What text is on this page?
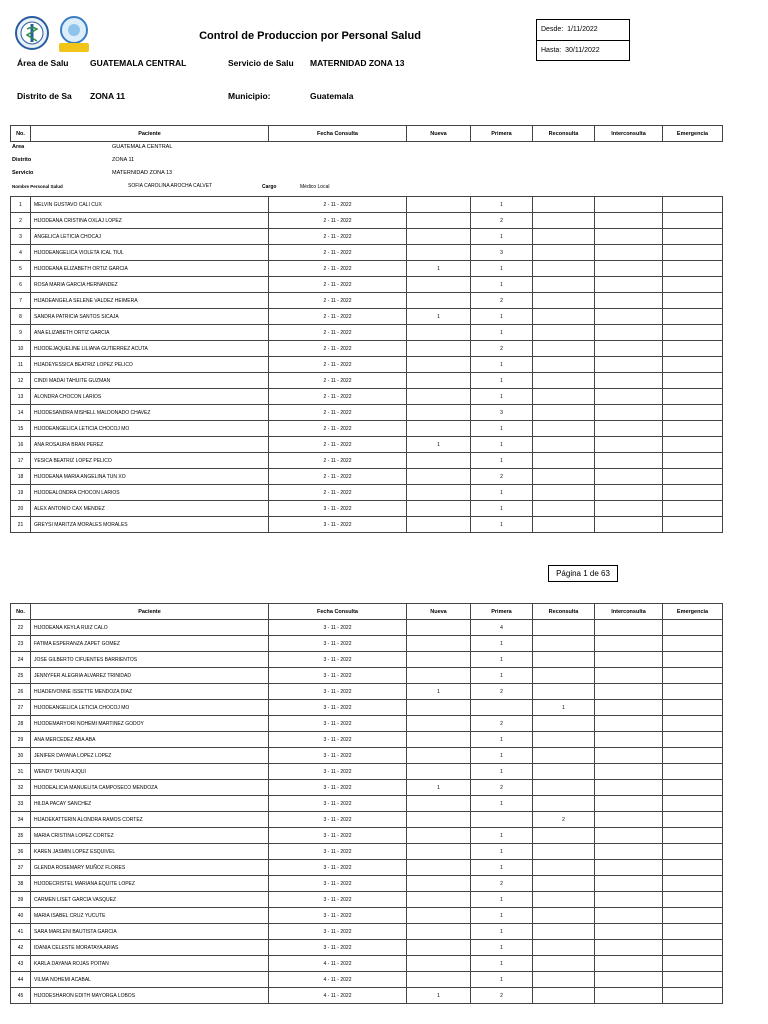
Control de Produccion por Personal Salud
Desde: 1/11/2022
Hasta: 30/11/2022
Área de Salu	GUATEMALA CENTRAL	Servicio de Salu MATERNIDAD ZONA 13
Distrito de Sa ZONA 11	Municipio:	Guatemala
No.	Paciente	Fecha Consulta	Nueva	Primera	Reconsulta	Interconsulta	Emergencia
Area	GUATEMALA CENTRAL
Distrito	ZONA 11
Servicio	MATERNIDAD ZONA 13
Nombre Personal Salud	SOFIA CAROLINA AROCHA CALVET	Cargo	Médico Local
1	MELVIN GUSTAVO CALI CUX	2 - 11 - 2022		1			
2	HIJODEANA CRISTINA OXLAJ LOPEZ	2 - 11 - 2022		2			
3	ANGELICA LETICIA CHOCAJ	2 - 11 - 2022		1			
4	HIJODEANGELICA VIOLETA ICAL TIUL	2 - 11 - 2022		3			
5	HIJODEANA ELIZABETH ORTIZ GARCIA	2 - 11 - 2022	1	1			
6	ROSA MARIA GARCIA HERNANDEZ	2 - 11 - 2022		1			
7	HIJADEANGELA SELENE VALDEZ HEIMERA	2 - 11 - 2022		2			
8	SANDRA PATRICIA SANTOS SICAJA	2 - 11 - 2022	1	1			
9	ANA ELIZABETH ORTIZ GARCIA	2 - 11 - 2022		1			
10	HIJODEJAQUELINE LILIANA GUTIERREZ ACUTA	2 - 11 - 2022		2			
11	HIJADEYESSICA BEATRIZ LOPEZ PELICO	2 - 11 - 2022		1			
12	CINDI MADAI TAHUITE GUZMAN	2 - 11 - 2022		1			
13	ALONDRA CHOCON LARIOS	2 - 11 - 2022		1			
14	HIJODESANDRA MISHELL MALDONADO CHAVEZ	2 - 11 - 2022		3			
15	HIJODEANGELICA LETICIA CHOCOJ MO	2 - 11 - 2022		1			
16	ANA ROSAURA BRAN PEREZ	2 - 11 - 2022	1	1			
17	YESICA BEATRIZ LOPEZ PELICO	2 - 11 - 2022		1			
18	HIJODEANA MARIA ANGELINA TUN XO	2 - 11 - 2022		2			
19	HIJODEALONDRA CHOCON LARIOS	2 - 11 - 2022		1			
20	ALEX ANTONIO CAX MENDEZ	3 - 11 - 2022		1			
21	GREYSI MARITZA MORALES MORALES	3 - 11 - 2022		1			
Página 1 de 63
No.	Paciente	Fecha Consulta	Nueva	Primera	Reconsulta	Interconsulta	Emergencia
22	HIJODEANA KEYLA RUIZ CALO	3 - 11 - 2022		4			
23	FATIMA ESPERANZA ZAPET GOMEZ	3 - 11 - 2022		1			
24	JOSE GILBERTO CIFUENTES BARRIENTOS	3 - 11 - 2022		1			
25	JENNYFER ALEGRIA ALVAREZ TRINIDAD	3 - 11 - 2022		1			
26	HIJADEIVONNE ISSETTE MENDOZA DIAZ	3 - 11 - 2022	1	2			
27	HIJODEANGELICA LETICIA CHOCOJ MO	3 - 11 - 2022			1		
28	HIJODEMARYORI NOHEMI MARTINEZ GODOY	3 - 11 - 2022		2			
29	ANA MERCEDEZ ABA ABA	3 - 11 - 2022		1			
30	JENIFER DAYANA LOPEZ LOPEZ	3 - 11 - 2022		1			
31	WENDY TAYUN AJQUI	3 - 11 - 2022		1			
32	HIJODEALICIA MANUELITA CAMPOSECO MENDOZA	3 - 11 - 2022	1	2			
33	HILDA PACAY SANCHEZ	3 - 11 - 2022		1			
34	HIJADEKATTERIN ALONDRA RAMOS CORTEZ	3 - 11 - 2022			2		
35	MARIA CRISTINA LOPEZ CORTEZ	3 - 11 - 2022		1			
36	KAREN JASMIN LOPEZ ESQUIVEL	3 - 11 - 2022		1			
37	GLENDA ROSEMARY MUÑOZ FLORES	3 - 11 - 2022		1			
38	HIJODECRISTEL MARIANA EQUITE LOPEZ	3 - 11 - 2022		2			
39	CARMEN LISET GARCIA VASQUEZ	3 - 11 - 2022		1			
40	MARIA ISABEL CRUZ YUCUTE	3 - 11 - 2022		1			
41	SARA MARLENI BAUTISTA GARCIA	3 - 11 - 2022		1			
42	IDANIA CELESTE MORATAYA ARIAS	3 - 11 - 2022		1			
43	KARLA DAYANA ROJAS POITAN	4 - 11 - 2022		1			
44	VILMA NOHEMI ACABAL	4 - 11 - 2022		1			
45	HIJODESHARON EDITH MAYORGA LOBOS	4 - 11 - 2022	1	2			
